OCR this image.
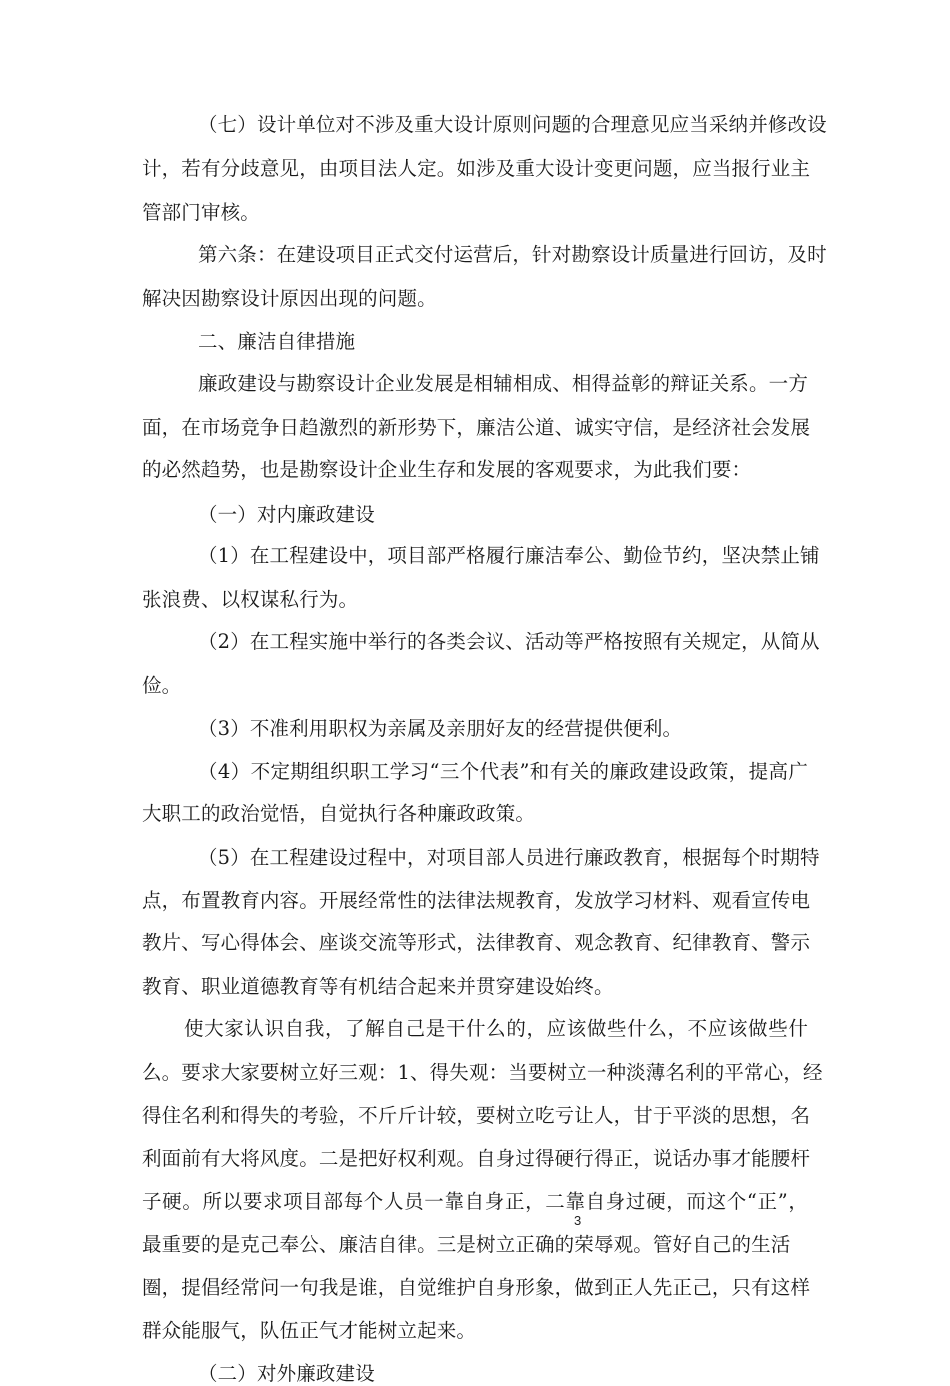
（七）设计单位对不涉及重大设计原则问题的合理意见应当采纳并修改设
计，若有分歧意见，由项目法人定。如涉及重大设计变更问题，应当报行业主
管部门审核。
第六条：在建设项目正式交付运营后，针对勘察设计质量进行回访，及时
解决因勘察设计原因出现的问题。
二、廉洁自律措施
廉政建设与勘察设计企业发展是相辅相成、相得益彰的辩证关系。一方
面，在市场竞争日趋激烈的新形势下，廉洁公道、诚实守信，是经济社会发展
的必然趋势，也是勘察设计企业生存和发展的客观要求，为此我们要：
（一）对内廉政建设
（1）在工程建设中，项目部严格履行廉洁奉公、勤俭节约，坚决禁止铺
张浪费、以权谋私行为。
（2）在工程实施中举行的各类会议、活动等严格按照有关规定，从简从
俭。
（3）不准利用职权为亲属及亲朋好友的经营提供便利。
（4）不定期组织职工学习“三个代表”和有关的廉政建设政策，提高广
大职工的政治觉悟，自觉执行各种廉政政策。
（5）在工程建设过程中，对项目部人员进行廉政教育，根据每个时期特
点，布置教育内容。开展经常性的法律法规教育，发放学习材料、观看宣传电
教片、写心得体会、座谈交流等形式，法律教育、观念教育、纪律教育、警示
教育、职业道德教育等有机结合起来并贯穿建设始终。
使大家认识自我，了解自己是干什么的，应该做些什么，不应该做些什
么。要求大家要树立好三观：1、得失观：当要树立一种淡薄名利的平常心，经
得住名利和得失的考验，不斤斤计较，要树立吃亏让人，甘于平淡的思想，名
利面前有大将风度。二是把好权利观。自身过得硬行得正，说话办事才能腰杆
子硬。所以要求项目部每个人员一靠自身正，二靠自身过硬，而这个“正”，
最重要的是克己奉公、廉洁自律。三是树立正确的荣辱观。管好自己的生活
圈，提倡经常问一句我是谁，自觉维护自身形象，做到正人先正己，只有这样
群众能服气，队伍正气才能树立起来。
（二）对外廉政建设
3
